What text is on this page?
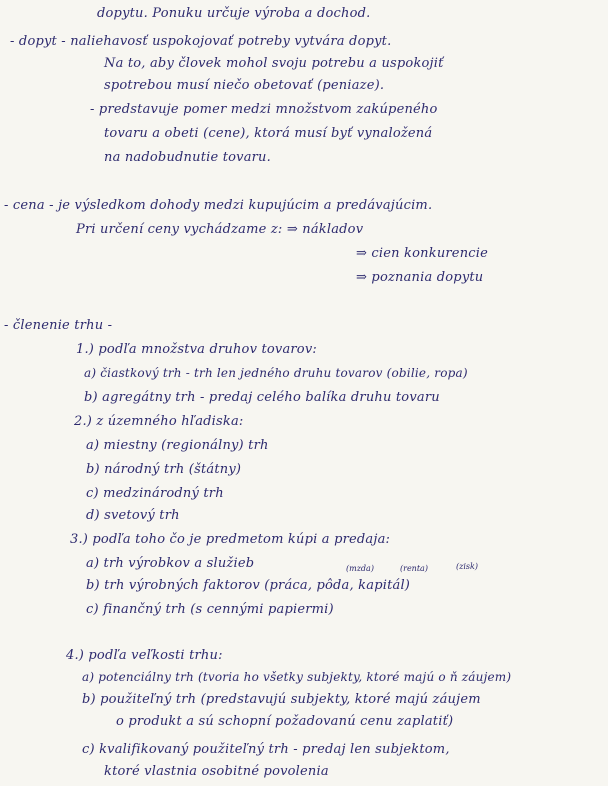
dopytu. Ponuku určuje výroba a dochod.
- dopyt - naliehavosť uspokojovať potreby vytvára dopyt.
Na to, aby človek mohol svoju potrebu a uspokojiť
spotrebou musí niečo obetovať (peniaze).
- predstavuje pomer medzi množstvom zakúpeného
tovaru a obeti (cene), ktorá musí byť vynaložená
na nadobudnutie tovaru.
- cena - je výsledkom dohody medzi kupujúcim a predávajúcim.
Pri určení ceny vychádzame z: ⇒ nákladov
⇒ cien konkurencie
⇒ poznania dopytu
- členenie trhu -
1.) podľa množstva druhov tovarov:
a) čiastkový trh - trh len jedného druhu tovarov (obilie, ropa)
b) agregátny trh - predaj celého balíka druhu tovaru
2.) z územného hľadiska:
a) miestny (regionálny) trh
b) národný trh (štátny)
c) medzinárodný trh
d) svetový trh
3.) podľa toho čo je predmetom kúpi a predaja:
a) trh výrobkov a služieb
b) trh výrobných faktorov (práca, pôda, kapitál)
c) finančný trh (s cennými papiermi)
(mzda)	(renta)	(zisk)
4.) podľa veľkosti trhu:
a) potenciálny trh (tvoria ho všetky subjekty, ktoré majú o ň záujem)
b) použiteľný trh (predstavujú subjekty, ktoré majú záujem
o produkt a sú schopní požadovanú cenu zaplatiť)
c) kvalifikovaný použiteľný trh - predaj len subjektom,
ktoré vlastnia osobitné povolenia
